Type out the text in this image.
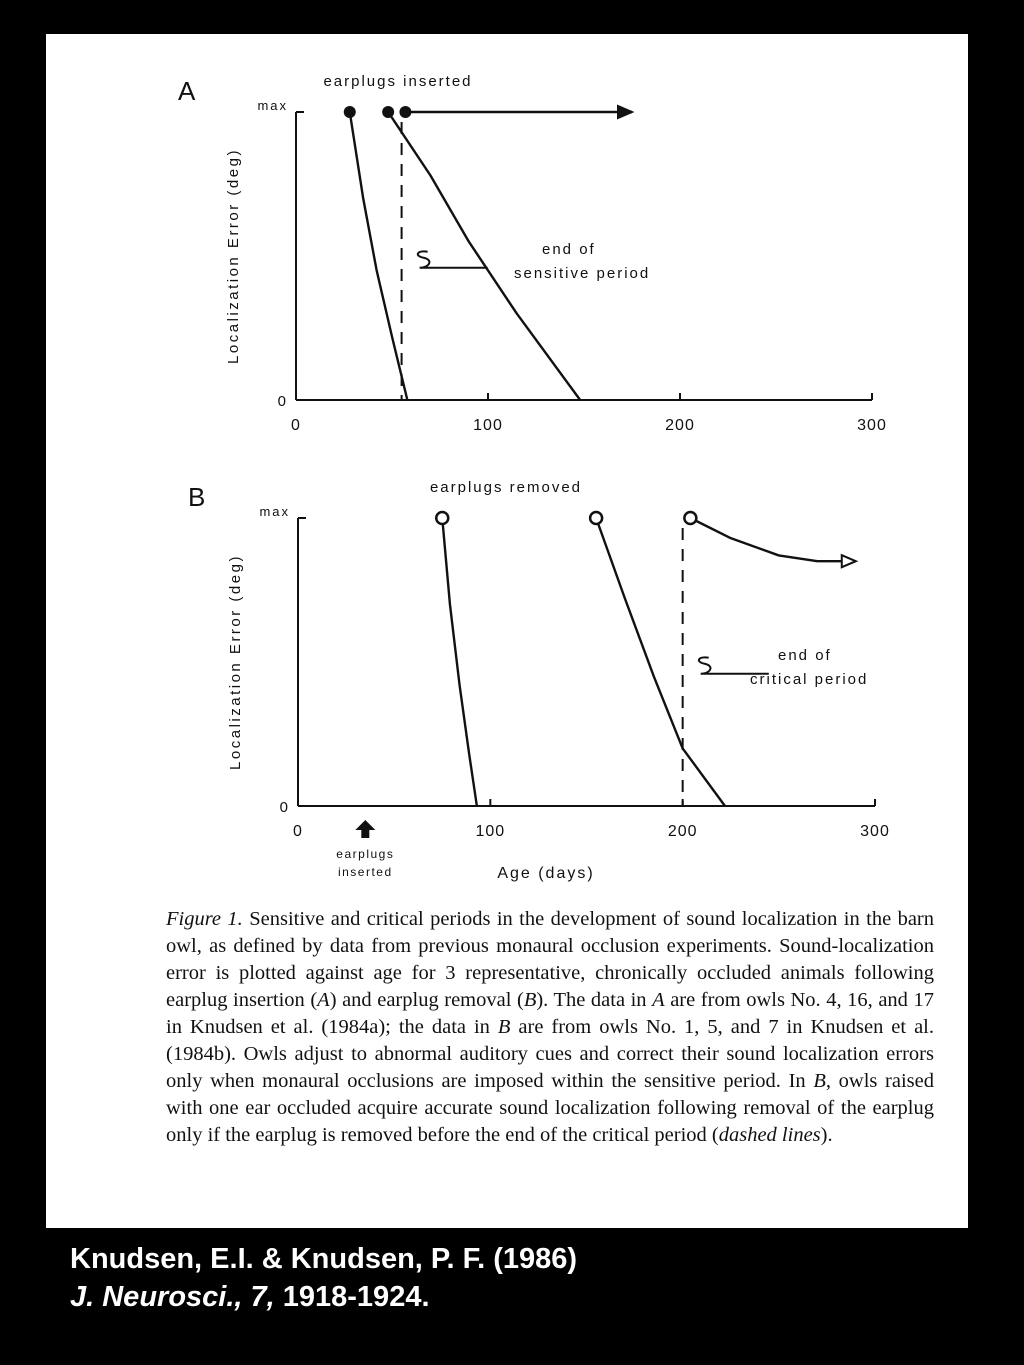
A
0
max
0	100	200	300
Localization Error (deg)
earplugs inserted
end of
sensitive period
B
0
max
0	100	200	300
Localization Error (deg)
Age (days)
earplugs removed
end of
critical period
earplugs
inserted
Figure 1. Sensitive and critical periods in the development of sound localization in the barn owl, as defined by data from previous monaural occlusion experiments. Sound-localization error is plotted against age for 3 representative, chronically occluded animals following earplug insertion (A) and earplug removal (B). The data in A are from owls No. 4, 16, and 17 in Knudsen et al. (1984a); the data in B are from owls No. 1, 5, and 7 in Knudsen et al. (1984b). Owls adjust to abnormal auditory cues and correct their sound localization errors only when monaural occlusions are imposed within the sensitive period. In B, owls raised with one ear occluded acquire accurate sound localization following removal of the earplug only if the earplug is removed before the end of the critical period (dashed lines).
Knudsen, E.I. & Knudsen, P. F. (1986)
J. Neurosci., 7, 1918-1924.
